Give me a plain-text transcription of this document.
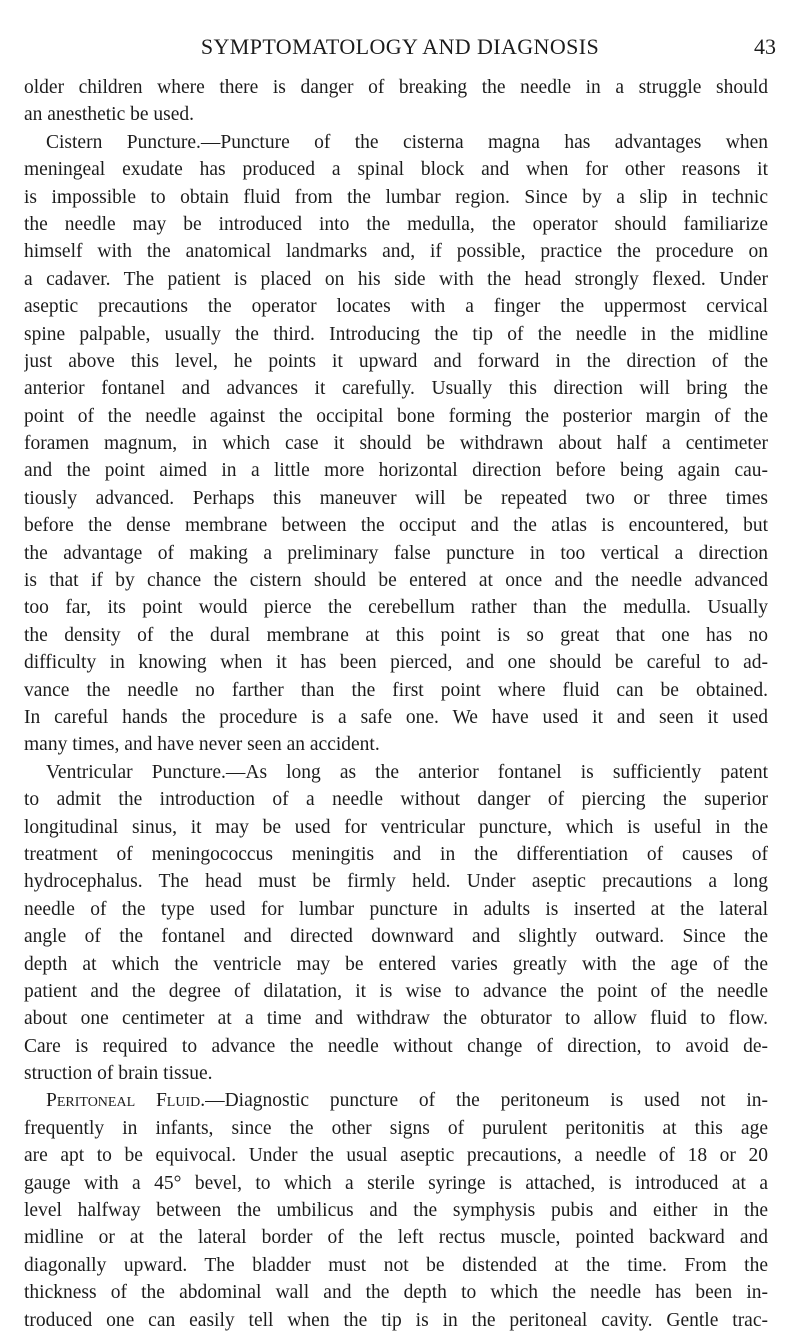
SYMPTOMATOLOGY AND DIAGNOSIS	43
older children where there is danger of breaking the needle in a struggle should
an anesthetic be used.
Cistern Puncture.—Puncture of the cisterna magna has advantages when
meningeal exudate has produced a spinal block and when for other reasons it
is impossible to obtain fluid from the lumbar region. Since by a slip in technic
the needle may be introduced into the medulla, the operator should familiarize
himself with the anatomical landmarks and, if possible, practice the procedure on
a cadaver. The patient is placed on his side with the head strongly flexed. Under
aseptic precautions the operator locates with a finger the uppermost cervical
spine palpable, usually the third. Introducing the tip of the needle in the midline
just above this level, he points it upward and forward in the direction of the
anterior fontanel and advances it carefully. Usually this direction will bring the
point of the needle against the occipital bone forming the posterior margin of the
foramen magnum, in which case it should be withdrawn about half a centimeter
and the point aimed in a little more horizontal direction before being again cau-
tiously advanced. Perhaps this maneuver will be repeated two or three times
before the dense membrane between the occiput and the atlas is encountered, but
the advantage of making a preliminary false puncture in too vertical a direction
is that if by chance the cistern should be entered at once and the needle advanced
too far, its point would pierce the cerebellum rather than the medulla. Usually
the density of the dural membrane at this point is so great that one has no
difficulty in knowing when it has been pierced, and one should be careful to ad-
vance the needle no farther than the first point where fluid can be obtained.
In careful hands the procedure is a safe one. We have used it and seen it used
many times, and have never seen an accident.
Ventricular Puncture.—As long as the anterior fontanel is sufficiently patent
to admit the introduction of a needle without danger of piercing the superior
longitudinal sinus, it may be used for ventricular puncture, which is useful in the
treatment of meningococcus meningitis and in the differentiation of causes of
hydrocephalus. The head must be firmly held. Under aseptic precautions a long
needle of the type used for lumbar puncture in adults is inserted at the lateral
angle of the fontanel and directed downward and slightly outward. Since the
depth at which the ventricle may be entered varies greatly with the age of the
patient and the degree of dilatation, it is wise to advance the point of the needle
about one centimeter at a time and withdraw the obturator to allow fluid to flow.
Care is required to advance the needle without change of direction, to avoid de-
struction of brain tissue.
Peritoneal Fluid.—Diagnostic puncture of the peritoneum is used not in-
frequently in infants, since the other signs of purulent peritonitis at this age
are apt to be equivocal. Under the usual aseptic precautions, a needle of 18 or 20
gauge with a 45° bevel, to which a sterile syringe is attached, is introduced at a
level halfway between the umbilicus and the symphysis pubis and either in the
midline or at the lateral border of the left rectus muscle, pointed backward and
diagonally upward. The bladder must not be distended at the time. From the
thickness of the abdominal wall and the depth to which the needle has been in-
troduced one can easily tell when the tip is in the peritoneal cavity. Gentle trac-
